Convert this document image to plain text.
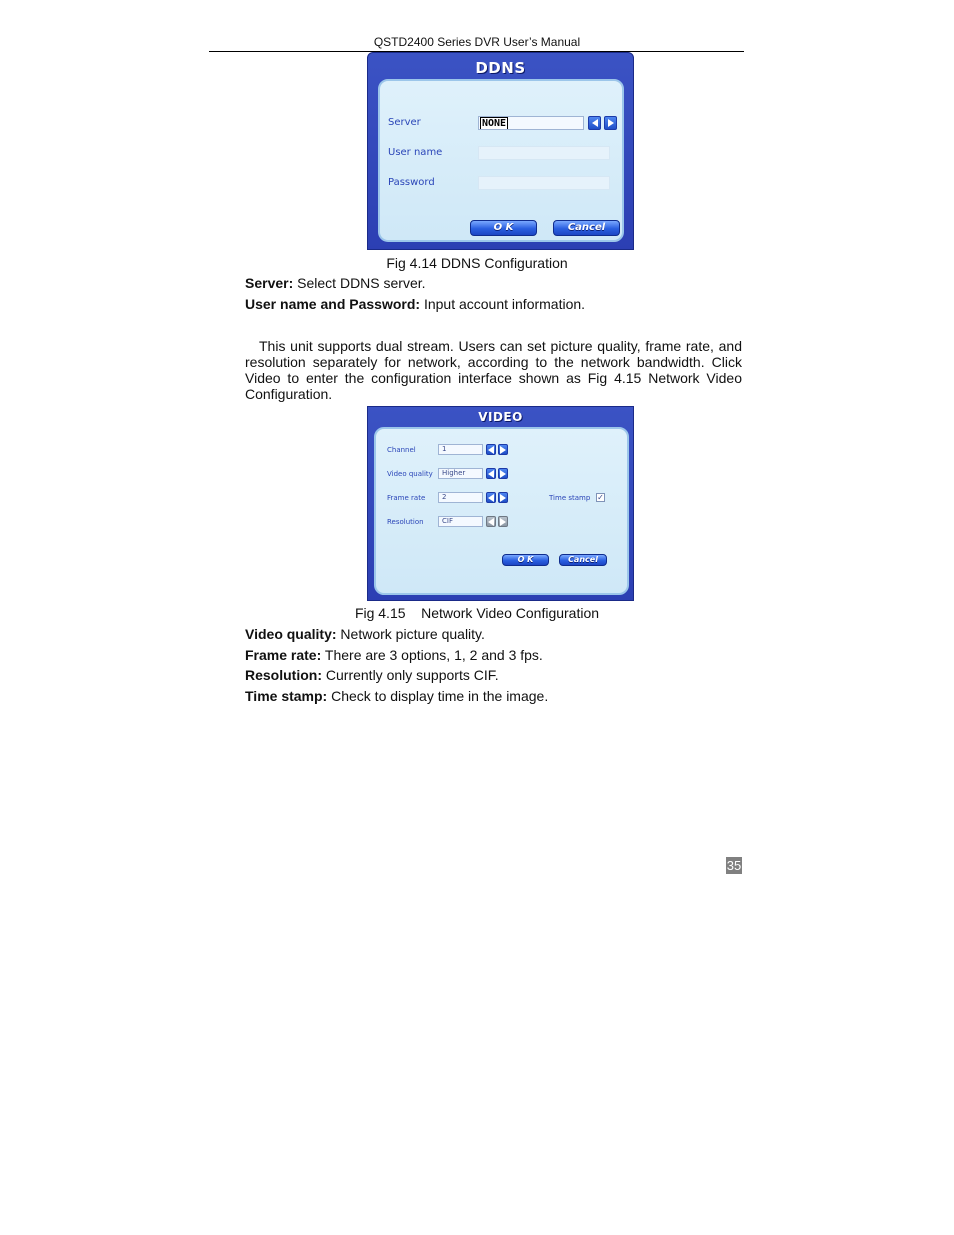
QSTD2400 Series DVR User’s Manual
DDNS
Server	NONE
User name
Password
O K	Cancel
Fig 4.14 DDNS Configuration
Server: Select DDNS server.
User name and Password: Input account information.
This unit supports dual stream. Users can set picture quality, frame rate, and resolution separately for network, according to the network bandwidth. Click Video to enter the configuration interface shown as Fig 4.15 Network Video Configuration.
VIDEO
Channel	1
Video quality	Higher
Frame rate	2	Time stamp ✓
Resolution	CIF
O K	Cancel
Fig 4.15    Network Video Configuration
Video quality: Network picture quality.
Frame rate: There are 3 options, 1, 2 and 3 fps.
Resolution: Currently only supports CIF.
Time stamp: Check to display time in the image.
35
